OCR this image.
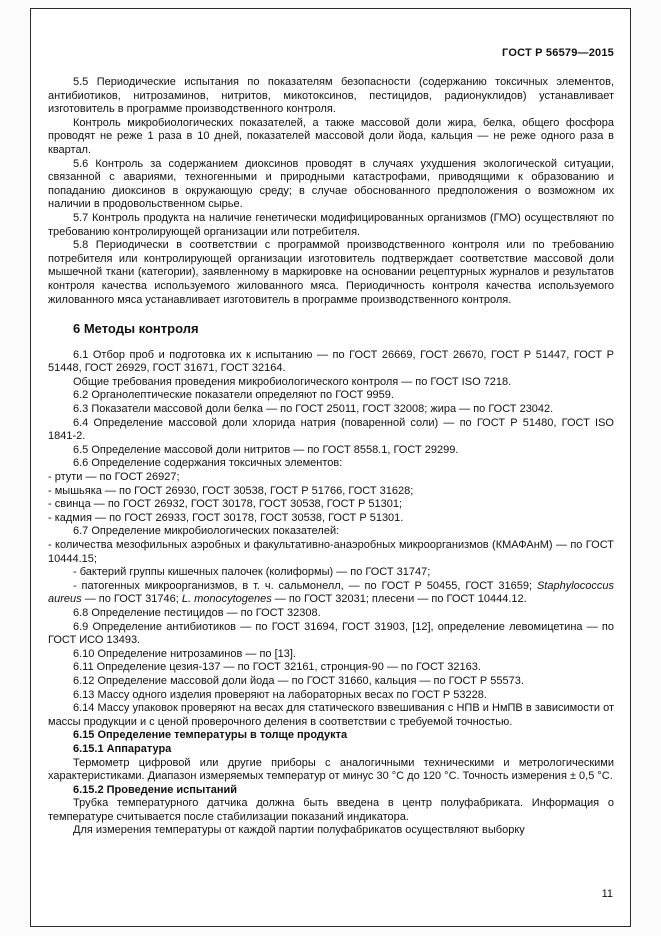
ГОСТ Р 56579—2015

5.5 Периодические испытания по показателям безопасности (содержанию токсичных элементов, антибиотиков, нитрозаминов, нитритов, микотоксинов, пестицидов, радионуклидов) устанавливает изготовитель в программе производственного контроля.

Контроль микробиологических показателей, а также массовой доли жира, белка, общего фосфора проводят не реже 1 раза в 10 дней, показателей массовой доли йода, кальция — не реже одного раза в квартал.

5.6 Контроль за содержанием диоксинов проводят в случаях ухудшения экологической ситуации, связанной с авариями, техногенными и природными катастрофами, приводящими к образованию и попаданию диоксинов в окружающую среду; в случае обоснованного предположения о возможном их наличии в продовольственном сырье.

5.7 Контроль продукта на наличие генетически модифицированных организмов (ГМО) осуществляют по требованию контролирующей организации или потребителя.

5.8 Периодически в соответствии с программой производственного контроля или по требованию потребителя или контролирующей организации изготовитель подтверждает соответствие массовой доли мышечной ткани (категории), заявленному в маркировке на основании рецептурных журналов и результатов контроля качества используемого жилованного мяса. Периодичность контроля качества используемого жилованного мяса устанавливает изготовитель в программе производственного контроля.

6 Методы контроля

6.1 Отбор проб и подготовка их к испытанию — по ГОСТ 26669, ГОСТ 26670, ГОСТ Р 51447, ГОСТ Р 51448, ГОСТ 26929, ГОСТ 31671, ГОСТ 32164.

Общие требования проведения микробиологического контроля — по ГОСТ ISO 7218.

6.2 Органолептические показатели определяют по ГОСТ 9959.

6.3 Показатели массовой доли белка — по ГОСТ 25011, ГОСТ 32008; жира — по ГОСТ 23042.

6.4 Определение массовой доли хлорида натрия (поваренной соли) — по ГОСТ Р 51480, ГОСТ ISO 1841-2.

6.5 Определение массовой доли нитритов — по ГОСТ 8558.1, ГОСТ 29299.

6.6 Определение содержания токсичных элементов:

- ртути — по ГОСТ 26927;

- мышьяка — по ГОСТ 26930, ГОСТ 30538, ГОСТ Р 51766, ГОСТ 31628;

- свинца — по ГОСТ 26932, ГОСТ 30178, ГОСТ 30538, ГОСТ Р 51301;

- кадмия — по ГОСТ 26933, ГОСТ 30178, ГОСТ 30538, ГОСТ Р 51301.

6.7 Определение микробиологических показателей:

- количества мезофильных аэробных и факультативно-анаэробных микроорганизмов (КМАФАнМ) — по ГОСТ 10444.15;

- бактерий группы кишечных палочек (колиформы) — по ГОСТ 31747;

- патогенных микроорганизмов, в т. ч. сальмонелл, — по ГОСТ Р 50455, ГОСТ 31659; Staphylococcus aureus — по ГОСТ 31746; L. monocytogenes — по ГОСТ 32031; плесени — по ГОСТ 10444.12.

6.8 Определение пестицидов — по ГОСТ 32308.

6.9 Определение антибиотиков — по ГОСТ 31694, ГОСТ 31903, [12], определение левомицетина — по ГОСТ ИСО 13493.

6.10 Определение нитрозаминов — по [13].

6.11 Определение цезия-137 — по ГОСТ 32161, стронция-90 — по ГОСТ 32163.

6.12 Определение массовой доли йода — по ГОСТ 31660, кальция — по ГОСТ Р 55573.

6.13 Массу одного изделия проверяют на лабораторных весах по ГОСТ Р 53228.

6.14 Массу упаковок проверяют на весах для статического взвешивания с НПВ и НмПВ в зависимости от массы продукции и с ценой проверочного деления в соответствии с требуемой точностью.

6.15 Определение температуры в толще продукта

6.15.1 Аппаратура

Термометр цифровой или другие приборы с аналогичными техническими и метрологическими характеристиками. Диапазон измеряемых температур от минус 30 °С до 120 °С. Точность измерения ± 0,5 °С.

6.15.2 Проведение испытаний

Трубка температурного датчика должна быть введена в центр полуфабриката. Информация о температуре считывается после стабилизации показаний индикатора.

Для измерения температуры от каждой партии полуфабрикатов осуществляют выборку

11
